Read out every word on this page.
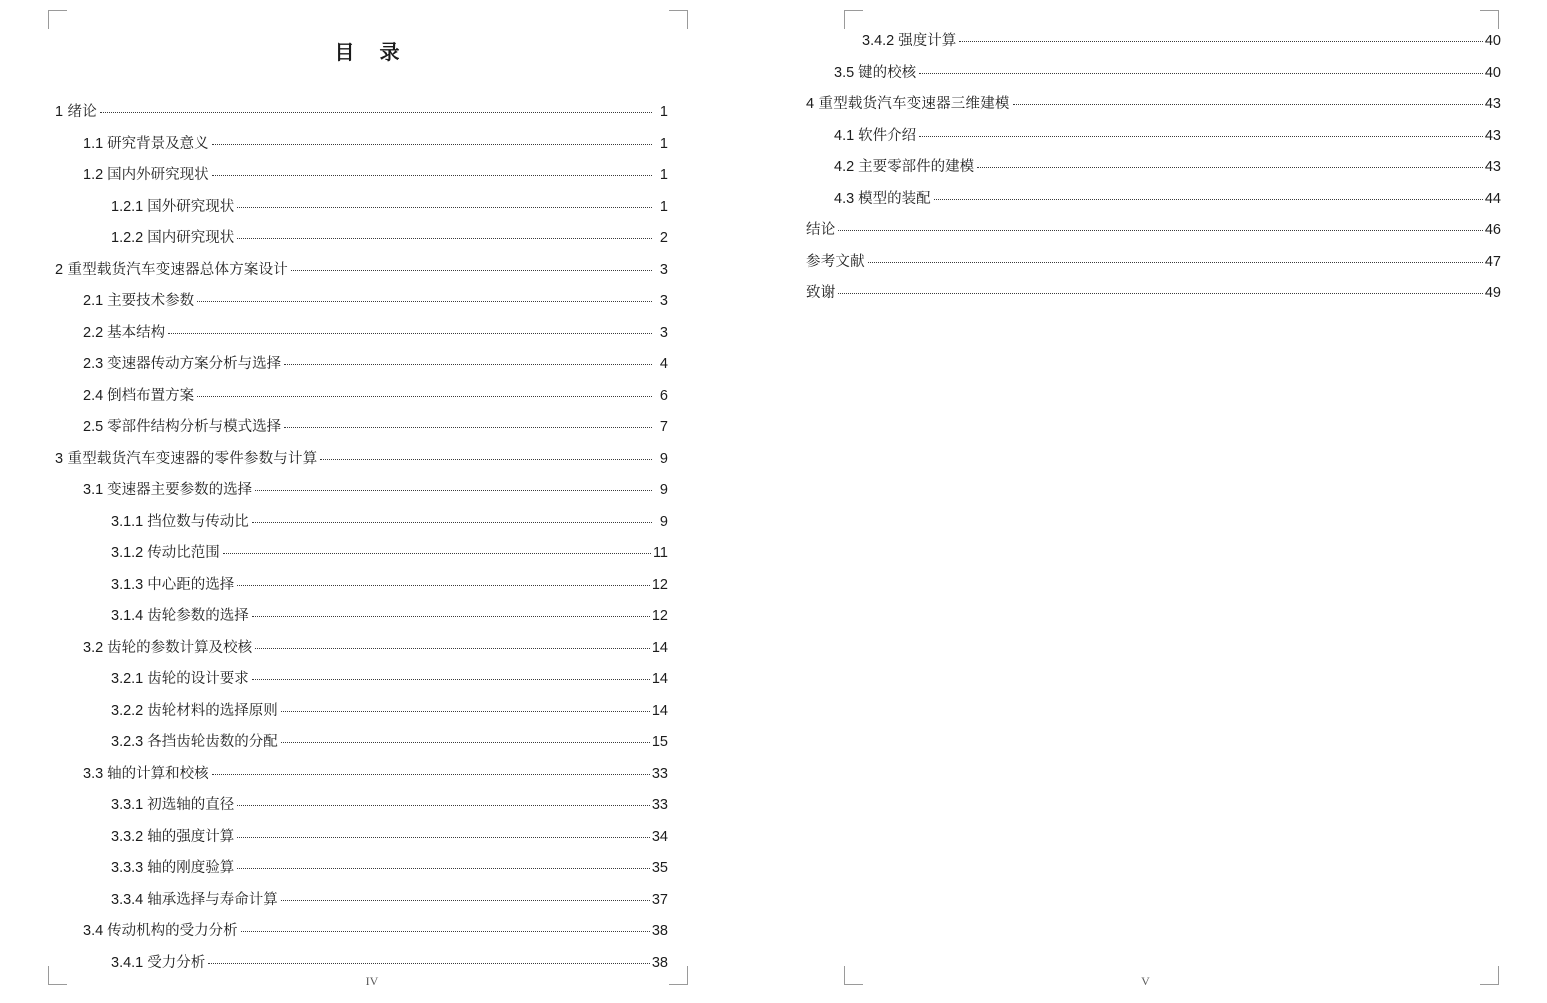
目 录
1 绪论	1
1.1 研究背景及意义	1
1.2 国内外研究现状	1
1.2.1 国外研究现状	1
1.2.2 国内研究现状	2
2 重型载货汽车变速器总体方案设计	3
2.1 主要技术参数	3
2.2 基本结构	3
2.3 变速器传动方案分析与选择	4
2.4 倒档布置方案	6
2.5 零部件结构分析与模式选择	7
3 重型载货汽车变速器的零件参数与计算	9
3.1 变速器主要参数的选择	9
3.1.1 挡位数与传动比	9
3.1.2 传动比范围	11
3.1.3 中心距的选择	12
3.1.4 齿轮参数的选择	12
3.2 齿轮的参数计算及校核	14
3.2.1 齿轮的设计要求	14
3.2.2 齿轮材料的选择原则	14
3.2.3 各挡齿轮齿数的分配	15
3.3 轴的计算和校核	33
3.3.1 初选轴的直径	33
3.3.2 轴的强度计算	34
3.3.3 轴的刚度验算	35
3.3.4 轴承选择与寿命计算	37
3.4 传动机构的受力分析	38
3.4.1 受力分析	38
IV
3.4.2 强度计算	40
3.5 键的校核	40
4 重型载货汽车变速器三维建模	43
4.1 软件介绍	43
4.2 主要零部件的建模	43
4.3 模型的装配	44
结论	46
参考文献	47
致谢	49
V
